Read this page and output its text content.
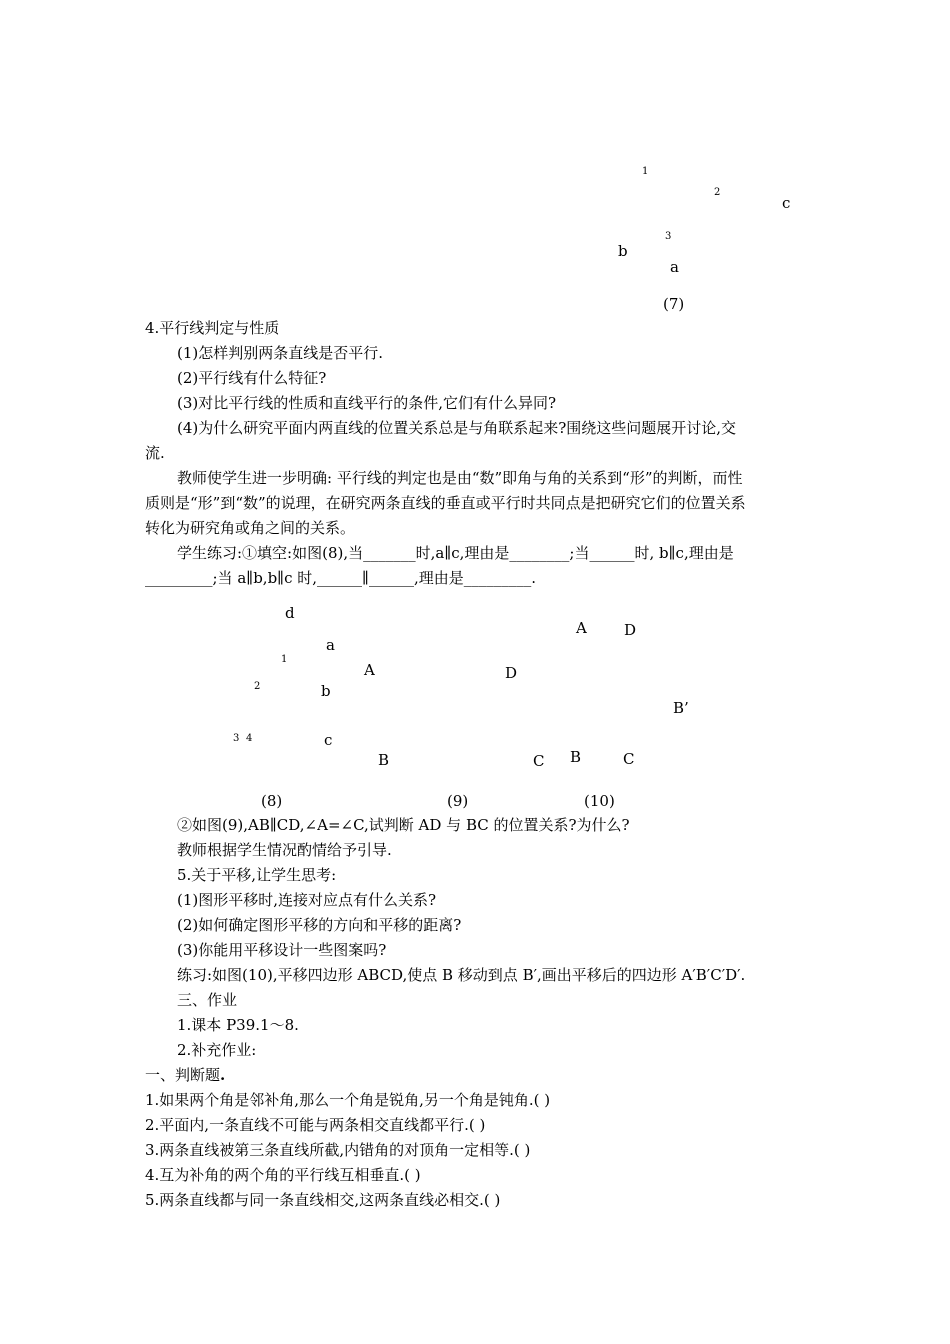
1
2
c
3
b
a
(7)
4.平行线判定与性质
(1)怎样判别两条直线是否平行.
(2)平行线有什么特征?
(3)对比平行线的性质和直线平行的条件,它们有什么异同?
(4)为什么研究平面内两直线的位置关系总是与角联系起来?围绕这些问题展开讨论,交
流.
教师使学生进一步明确: 平行线的判定也是由“数”即角与角的关系到“形”的判断，而性
质则是“形”到“数”的说理，在研究两条直线的垂直或平行时共同点是把研究它们的位置关系
转化为研究角或角之间的关系。
学生练习:①填空:如图(8),当_______时,a∥c,理由是________;当______时, b∥c,理由是
_________;当 a∥b,b∥c 时,______∥______,理由是_________.
d
a
1
2	b
3 4	c
(8)
A	D
B	C
(9)
A D
B’
B	C
(10)
②如图(9),AB∥CD,∠A=∠C,试判断 AD 与 BC 的位置关系?为什么?
教师根据学生情况酌情给予引导.
5.关于平移,让学生思考:
(1)图形平移时,连接对应点有什么关系?
(2)如何确定图形平移的方向和平移的距离?
(3)你能用平移设计一些图案吗?
练习:如图(10),平移四边形 ABCD,使点 B 移动到点 B′,画出平移后的四边形 A′B′C′D′.
三、作业
1.课本 P39.1～8.
2.补充作业:
一、判断题.
1.如果两个角是邻补角,那么一个角是锐角,另一个角是钝角.( )
2.平面内,一条直线不可能与两条相交直线都平行.( )
3.两条直线被第三条直线所截,内错角的对顶角一定相等.( )
4.互为补角的两个角的平行线互相垂直.( )
5.两条直线都与同一条直线相交,这两条直线必相交.( )
